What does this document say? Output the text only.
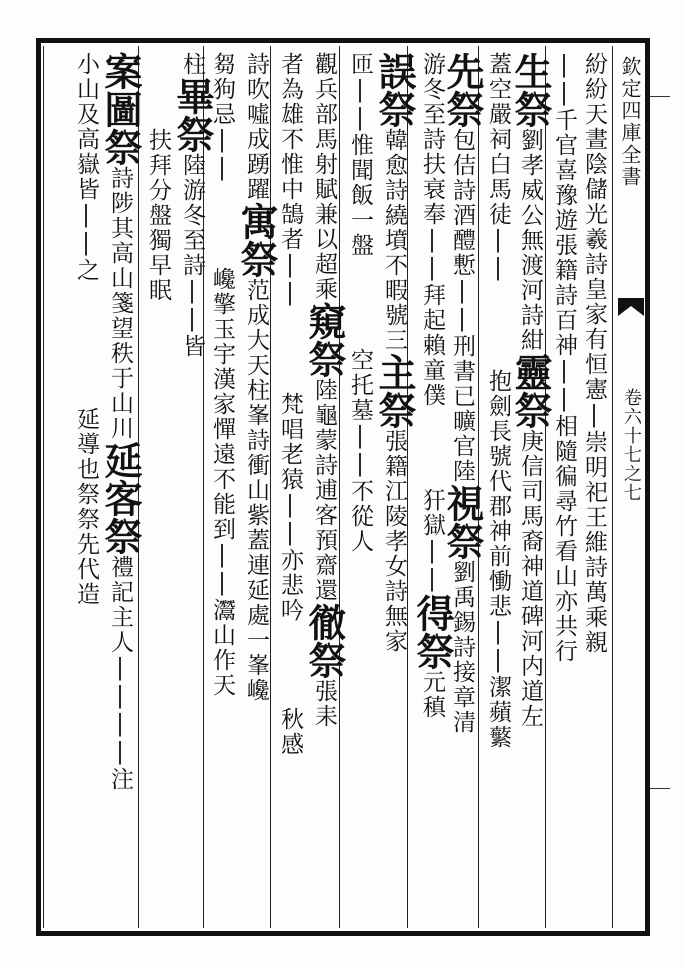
欽定四庫全書
卷六十七之七
紛紛天晝陰儲光羲詩皇家有恒憲|崇明祀王維詩萬乘親
||千官喜豫遊張籍詩百神||相隨徧尋竹看山亦共行
生祭劉孝威公無渡河詩紺靈祭庚信司馬裔神道碑河内道左
蓋空嚴祠白馬徒||抱劍長號代郡神前慟悲||潔蘋蘩
先祭包佶詩酒醴慙||刑書已曠官陸視祭劉禹錫詩接章清
游冬至詩扶衰奉||拜起賴童僕犴獄||得祭元稹
誤祭韓愈詩繞墳不暇號三主祭張籍江陵孝女詩無家
匝||惟聞飯一盤空托墓||不從人
觀兵部馬射賦兼以超乘窺祭陸龜蒙詩逋客預齋還徹祭張耒
者為雄不惟中鵠者||梵唱老猿||亦悲吟秋感
詩吹噓成踴躍寓祭范成大天柱峯詩衝山紫蓋連延處一峯巉
芻狗忌||巉擎玉宇漢家憚遠不能到||灊山作天
柱畢祭陸游冬至詩||皆
扶拜分盤獨早眠
案圖祭詩陟其高山箋望秩于山川延客祭禮記主人||||注
小山及高嶽皆||之延導也祭祭先代造
